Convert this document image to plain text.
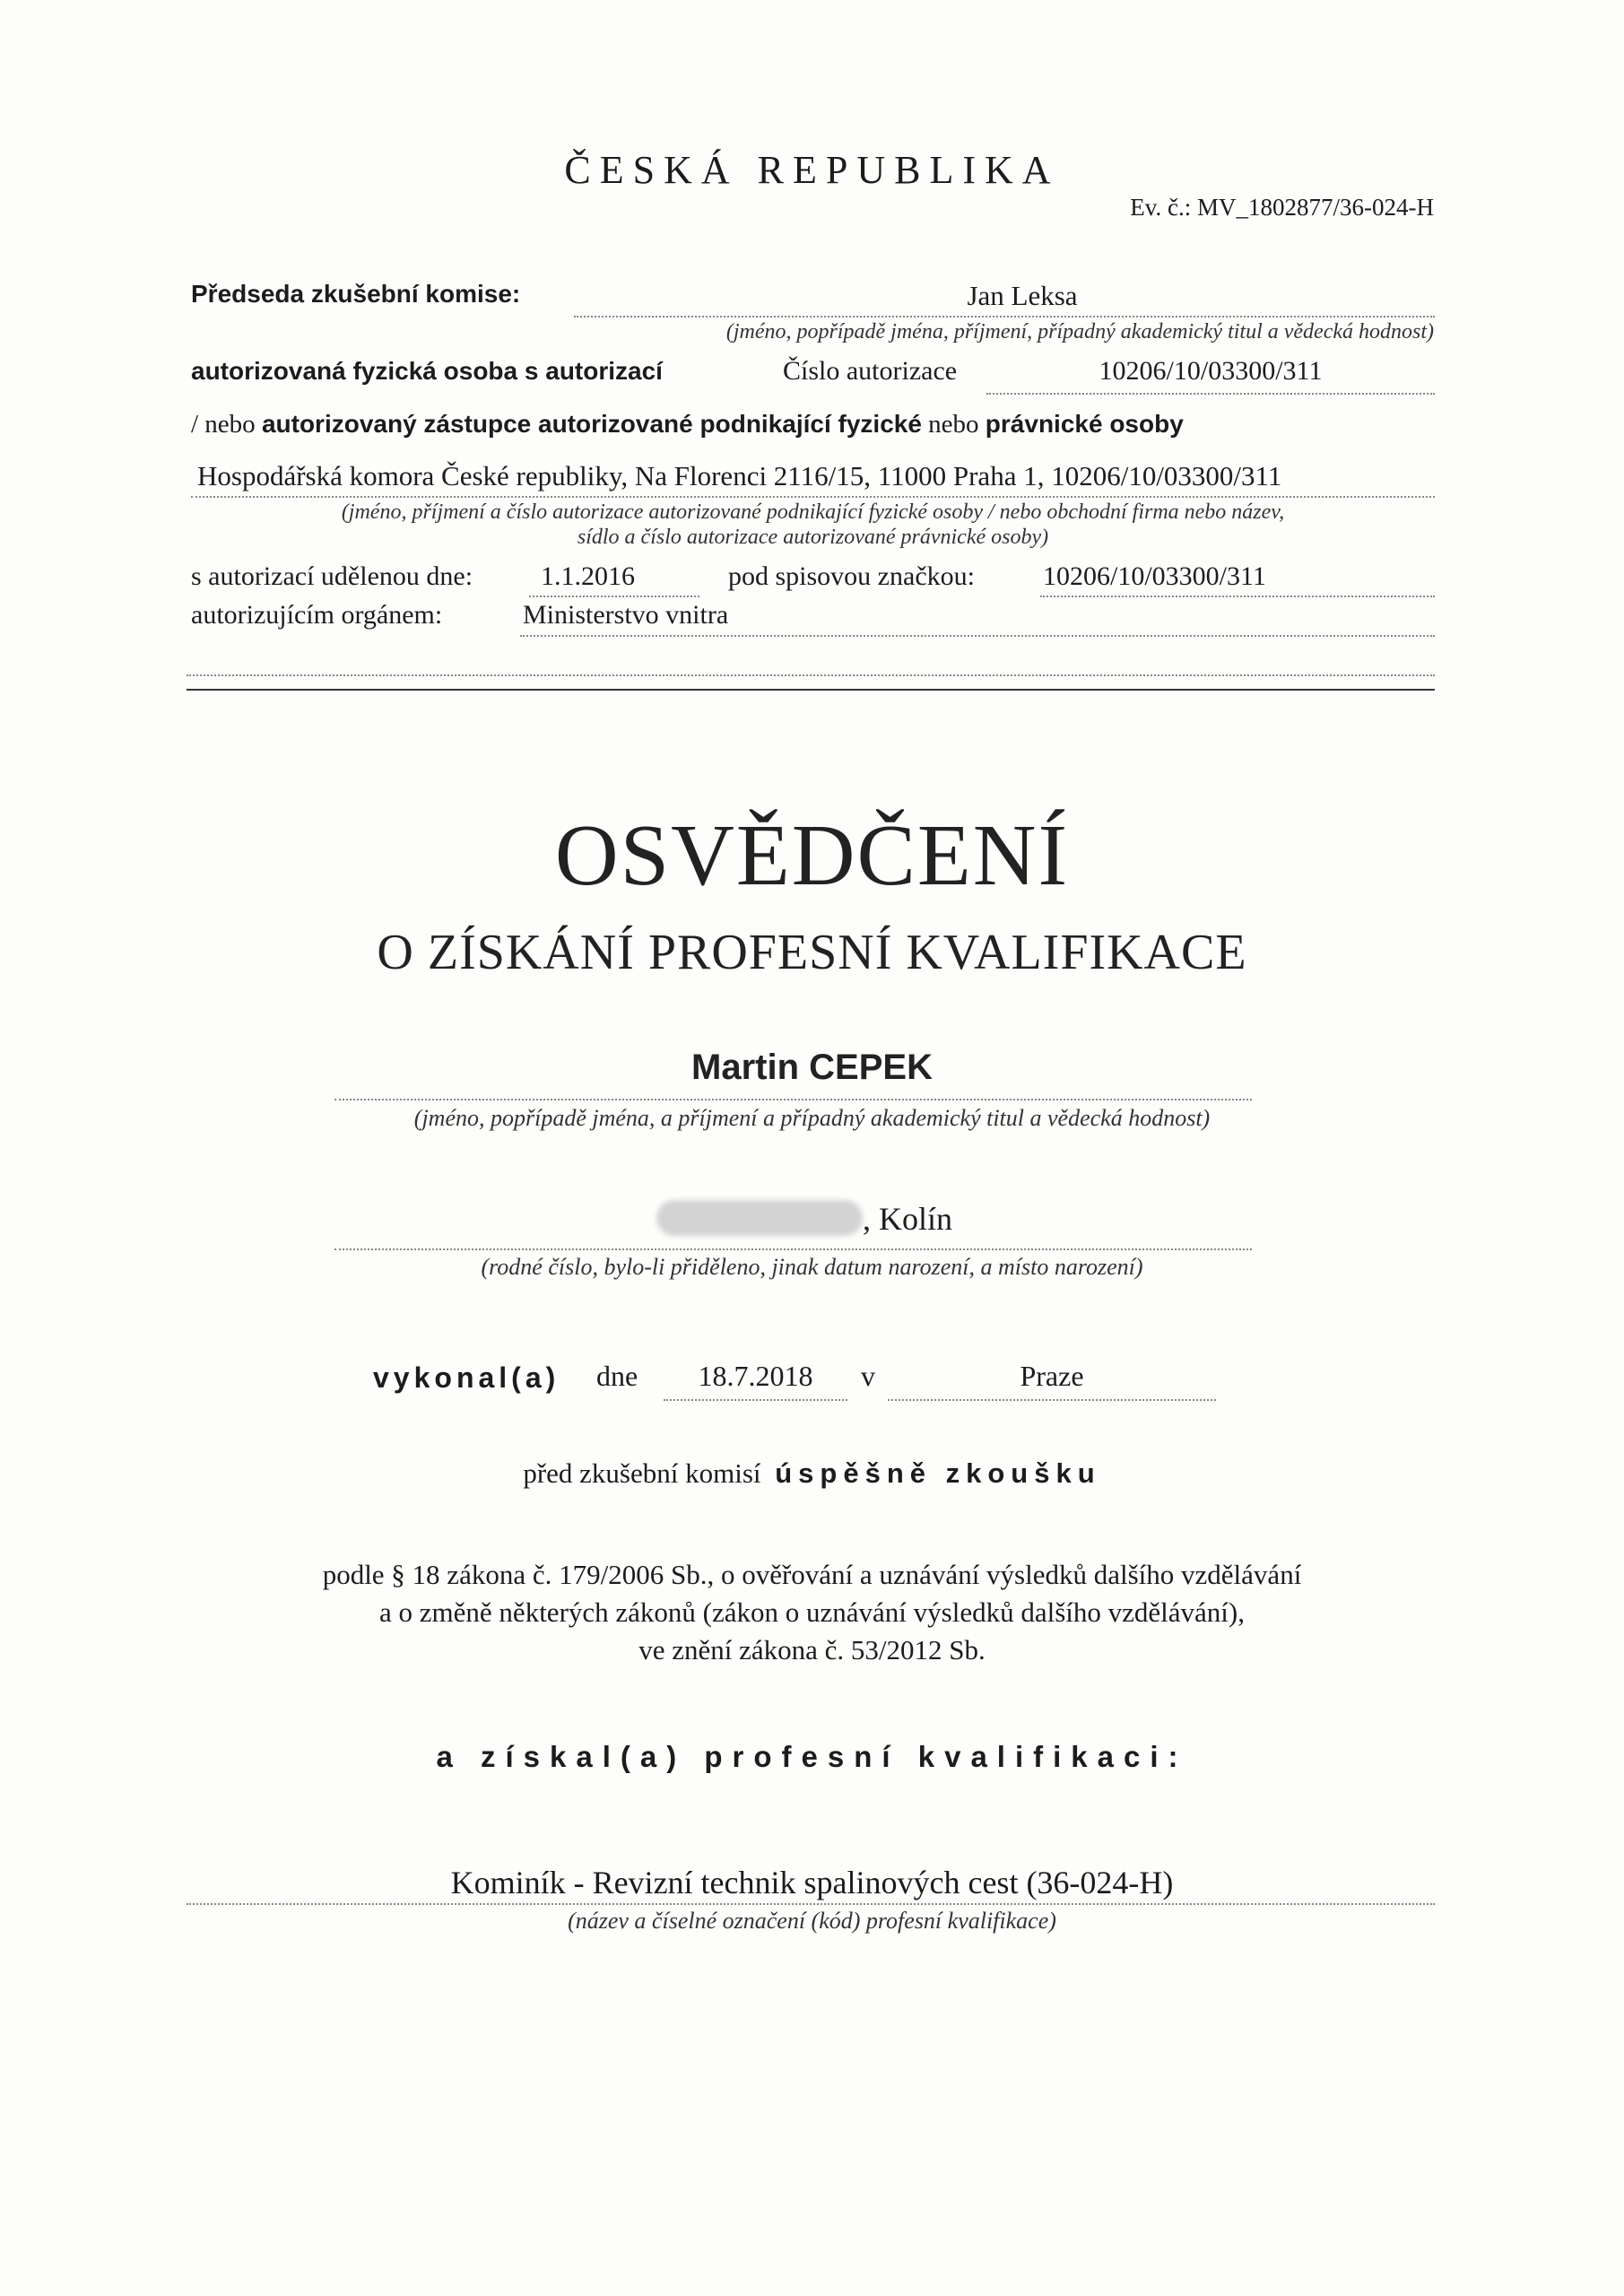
ČESKÁ REPUBLIKA
Ev. č.: MV_1802877/36-024-H
Předseda zkušební komise:	Jan Leksa
(jméno, popřípadě jména, příjmení, případný akademický titul a vědecká hodnost)
autorizovaná fyzická osoba s autorizací	Číslo autorizace	10206/10/03300/311
/ nebo autorizovaný zástupce autorizované podnikající fyzické nebo právnické osoby
Hospodářská komora České republiky, Na Florenci 2116/15, 11000 Praha 1, 10206/10/03300/311
(jméno, příjmení a číslo autorizace autorizované podnikající fyzické osoby / nebo obchodní firma nebo název,
sídlo a číslo autorizace autorizované právnické osoby)
s autorizací udělenou dne:	1.1.2016	pod spisovou značkou:	10206/10/03300/311
autorizujícím orgánem:	Ministerstvo vnitra
OSVĚDČENÍ
O ZÍSKÁNÍ PROFESNÍ KVALIFIKACE
Martin CEPEK
(jméno, popřípadě jména, a příjmení a případný akademický titul a vědecká hodnost)
, Kolín
(rodné číslo, bylo-li přiděleno, jinak datum narození, a místo narození)
vykonal(a) dne	18.7.2018	v	Praze
před zkušební komisí úspěšně zkoušku
podle § 18 zákona č. 179/2006 Sb., o ověřování a uznávání výsledků dalšího vzdělávání
a o změně některých zákonů (zákon o uznávání výsledků dalšího vzdělávání),
ve znění zákona č. 53/2012 Sb.
a získal(a) profesní kvalifikaci:
Kominík - Revizní technik spalinových cest (36-024-H)
(název a číselné označení (kód) profesní kvalifikace)
